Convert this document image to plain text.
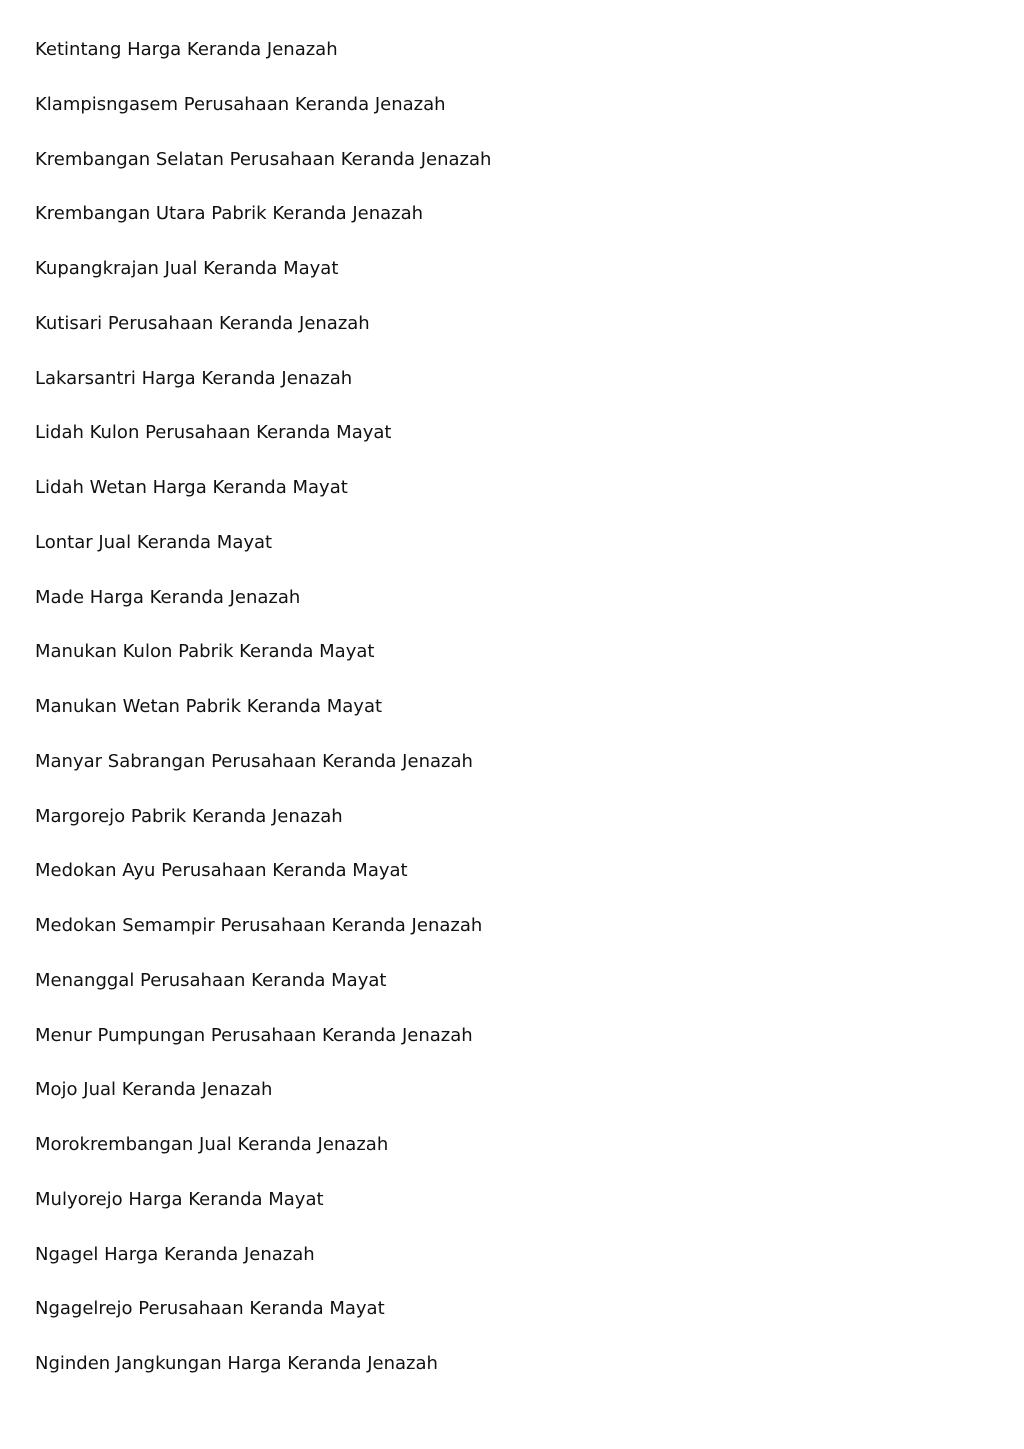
Ketintang Harga Keranda Jenazah
Klampisngasem Perusahaan Keranda Jenazah
Krembangan Selatan Perusahaan Keranda Jenazah
Krembangan Utara Pabrik Keranda Jenazah
Kupangkrajan Jual Keranda Mayat
Kutisari Perusahaan Keranda Jenazah
Lakarsantri Harga Keranda Jenazah
Lidah Kulon Perusahaan Keranda Mayat
Lidah Wetan Harga Keranda Mayat
Lontar Jual Keranda Mayat
Made Harga Keranda Jenazah
Manukan Kulon Pabrik Keranda Mayat
Manukan Wetan Pabrik Keranda Mayat
Manyar Sabrangan Perusahaan Keranda Jenazah
Margorejo Pabrik Keranda Jenazah
Medokan Ayu Perusahaan Keranda Mayat
Medokan Semampir Perusahaan Keranda Jenazah
Menanggal Perusahaan Keranda Mayat
Menur Pumpungan Perusahaan Keranda Jenazah
Mojo Jual Keranda Jenazah
Morokrembangan Jual Keranda Jenazah
Mulyorejo Harga Keranda Mayat
Ngagel Harga Keranda Jenazah
Ngagelrejo Perusahaan Keranda Mayat
Nginden Jangkungan Harga Keranda Jenazah
